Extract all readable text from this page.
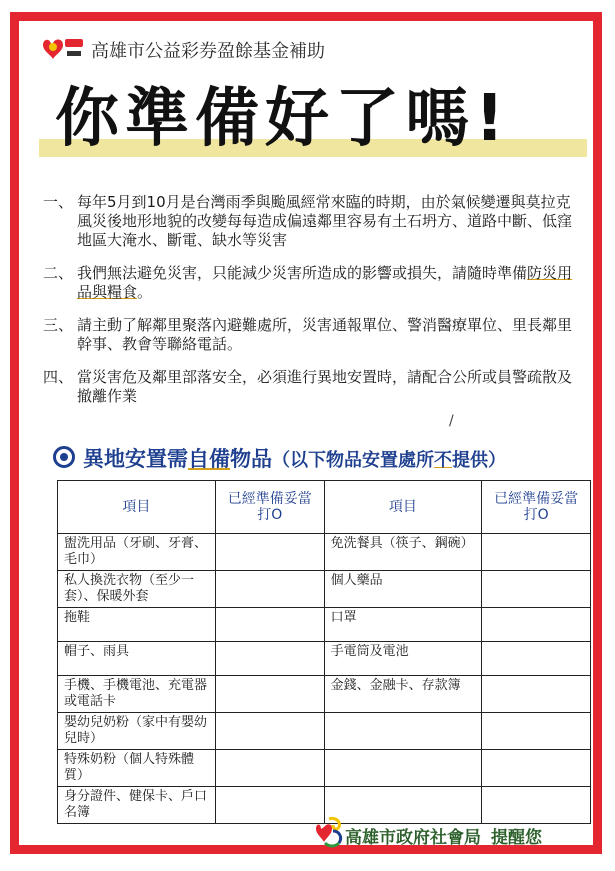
高雄市公益彩券盈餘基金補助
你準備好了嗎!
一、 每年5月到10月是台灣雨季與颱風經常來臨的時期，由於氣候變遷與莫拉克風災後地形地貌的改變每每造成偏遠鄰里容易有土石坍方、道路中斷、低窪地區大淹水、斷電、缺水等災害
二、 我們無法避免災害，只能減少災害所造成的影響或損失，請隨時準備防災用品與糧食。
三、 請主動了解鄰里聚落內避難處所，災害通報單位、警消醫療單位、里長鄰里幹事、教會等聯絡電話。
四、 當災害危及鄰里部落安全，必須進行異地安置時，請配合公所或員警疏散及撤離作業
/
異地安置需自備物品（以下物品安置處所不提供）
項目	已經準備妥當打O	項目	已經準備妥當打O
盥洗用品（牙刷、牙膏、毛巾）		免洗餐具（筷子、鋼碗）	
私人換洗衣物（至少一套）、保暖外套		個人藥品	
拖鞋		口罩	
帽子、雨具		手電筒及電池	
手機、手機電池、充電器或電話卡		金錢、金融卡、存款簿	
嬰幼兒奶粉（家中有嬰幼兒時）			
特殊奶粉（個人特殊體質）			
身分證件、健保卡、戶口名簿			
高雄市政府社會局 提醒您
